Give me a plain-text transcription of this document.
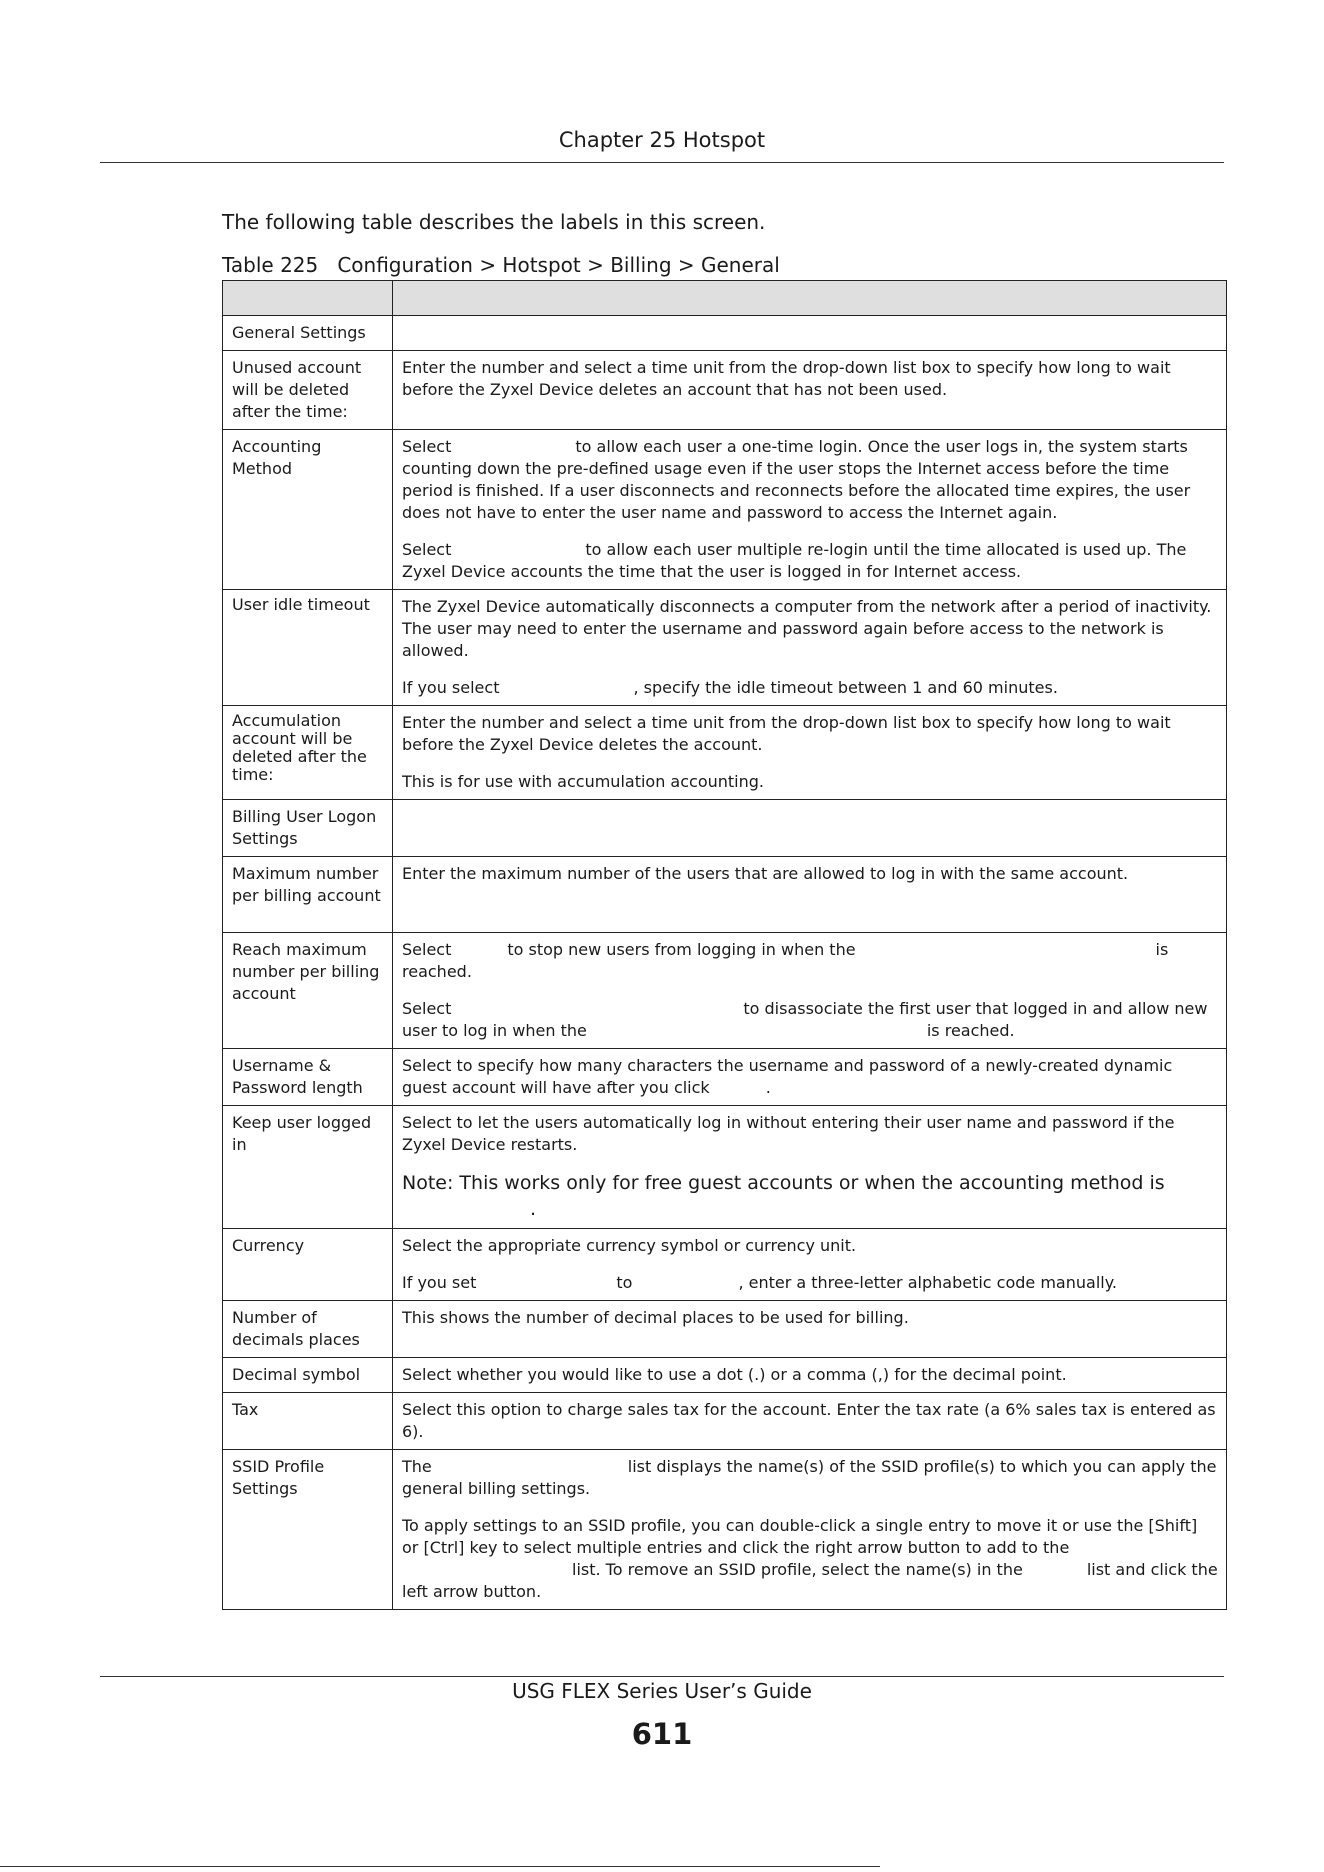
Chapter 25 Hotspot
The following table describes the labels in this screen.
Table 225   Configuration > Hotspot > Billing > General

General Settings	
Unused account will be deleted after the time:	Enter the number and select a time unit from the drop-down list box to specify how long to wait before the Zyxel Device deletes an account that has not been used.
Accounting Method	Select to allow each user a one-time login. Once the user logs in, the system starts counting down the pre-defined usage even if the user stops the Internet access before the time period is finished. If a user disconnects and reconnects before the allocated time expires, the user does not have to enter the user name and password to access the Internet again.

Select to allow each user multiple re-login until the time allocated is used up. The Zyxel Device accounts the time that the user is logged in for Internet access.

User idle timeout	The Zyxel Device automatically disconnects a computer from the network after a period of inactivity. The user may need to enter the username and password again before access to the network is allowed.

If you select , specify the idle timeout between 1 and 60 minutes.

Accumulation account will be deleted after the time:	Enter the number and select a time unit from the drop-down list box to specify how long to wait before the Zyxel Device deletes the account.

This is for use with accumulation accounting.

Billing User Logon Settings	
Maximum number per billing account	Enter the maximum number of the users that are allowed to log in with the same account.
Reach maximum number per billing account	Select to stop new users from logging in when the is reached.

Select to disassociate the first user that logged in and allow new user to log in when the is reached.

Username & Password length	Select to specify how many characters the username and password of a newly-created dynamic guest account will have after you click .
Keep user logged in	Select to let the users automatically log in without entering their user name and password if the Zyxel Device restarts.

Note: This works only for free guest accounts or when the accounting method is
.

Currency	Select the appropriate currency symbol or currency unit.

If you set to , enter a three-letter alphabetic code manually.

Number of decimals places	This shows the number of decimal places to be used for billing.
Decimal symbol	Select whether you would like to use a dot (.) or a comma (,) for the decimal point.
Tax	Select this option to charge sales tax for the account. Enter the tax rate (a 6% sales tax is entered as 6).
SSID Profile Settings	The list displays the name(s) of the SSID profile(s) to which you can apply the general billing settings.

To apply settings to an SSID profile, you can double-click a single entry to move it or use the [Shift] or [Ctrl] key to select multiple entries and click the right arrow button to add to thelist. To remove an SSID profile, select the name(s) in the list and click the left arrow button.

USG FLEX Series User’s Guide
611
